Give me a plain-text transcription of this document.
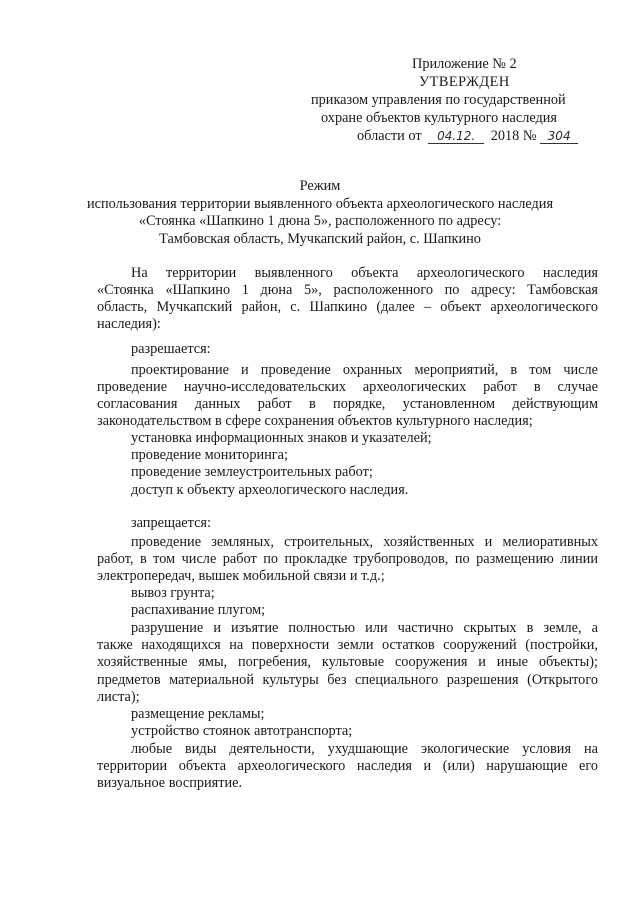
Приложение № 2
УТВЕРЖДЕН
приказом управления по государственной
охране объектов культурного наследия
области от 04.12. 2018 № 304
Режим
использования территории выявленного объекта археологического наследия
«Стоянка «Шапкино 1 дюна 5», расположенного по адресу:
Тамбовская область, Мучкапский район, с. Шапкино
На территории выявленного объекта археологического наследия
«Стоянка «Шапкино 1 дюна 5», расположенного по адресу: Тамбовская
область, Мучкапский район, с. Шапкино (далее – объект археологического
наследия):
разрешается:
проектирование и проведение охранных мероприятий, в том числе
проведение научно-исследовательских археологических работ в случае
согласования данных работ в порядке, установленном действующим
законодательством в сфере сохранения объектов культурного наследия;
установка информационных знаков и указателей;
проведение мониторинга;
проведение землеустроительных работ;
доступ к объекту археологического наследия.
запрещается:
проведение земляных, строительных, хозяйственных и мелиоративных
работ, в том числе работ по прокладке трубопроводов, по размещению линии
электропередач, вышек мобильной связи и т.д.;
вывоз грунта;
распахивание плугом;
разрушение и изъятие полностью или частично скрытых в земле, а
также находящихся на поверхности земли остатков сооружений (постройки,
хозяйственные ямы, погребения, культовые сооружения и иные объекты);
предметов материальной культуры без специального разрешения (Открытого
листа);
размещение рекламы;
устройство стоянок автотранспорта;
любые виды деятельности, ухудшающие экологические условия на
территории объекта археологического наследия и (или) нарушающие его
визуальное восприятие.
